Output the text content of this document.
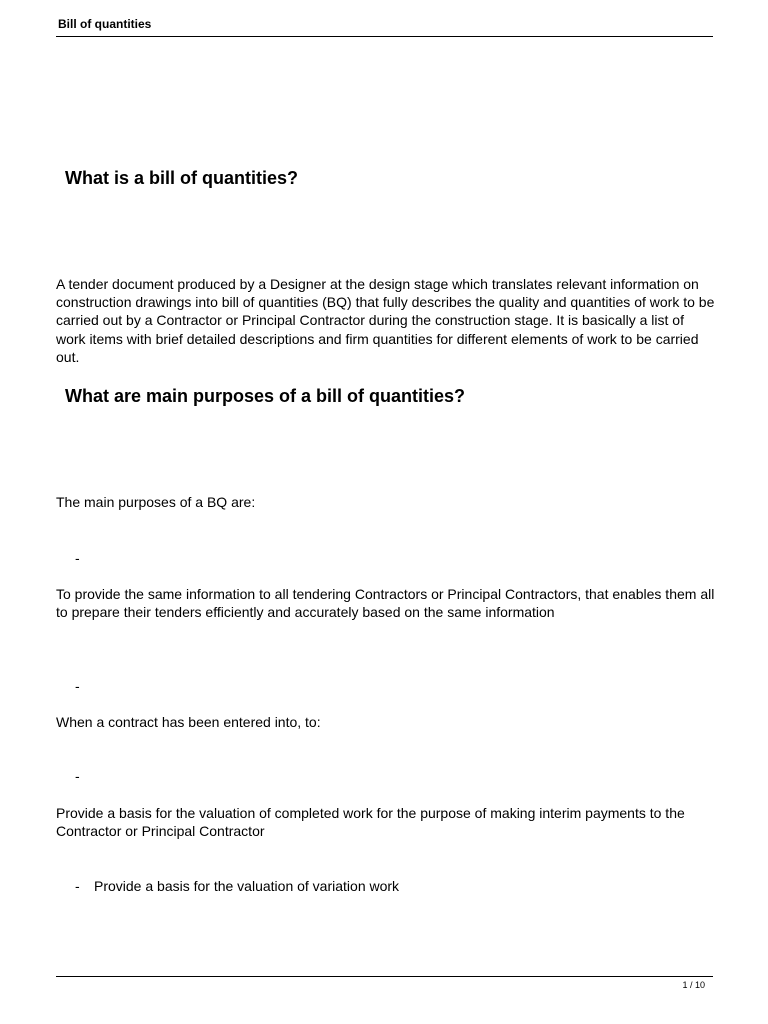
Bill of quantities
What is a bill of quantities?

A tender document produced by a Designer at the design stage which translates relevant information on construction drawings into bill of quantities (BQ) that fully describes the quality and quantities of work to be carried out by a Contractor or Principal Contractor during the construction stage. It is basically a list of work items with brief detailed descriptions and firm quantities for different elements of work to be carried out.

What are main purposes of a bill of quantities?

The main purposes of a BQ are:

-

To provide the same information to all tendering Contractors or Principal Contractors, that enables them all to prepare their tenders efficiently and accurately based on the same information

-

When a contract has been entered into, to:

-

Provide a basis for the valuation of completed work for the purpose of making interim payments to the Contractor or Principal Contractor

- Provide a basis for the valuation of variation work
1 / 10
